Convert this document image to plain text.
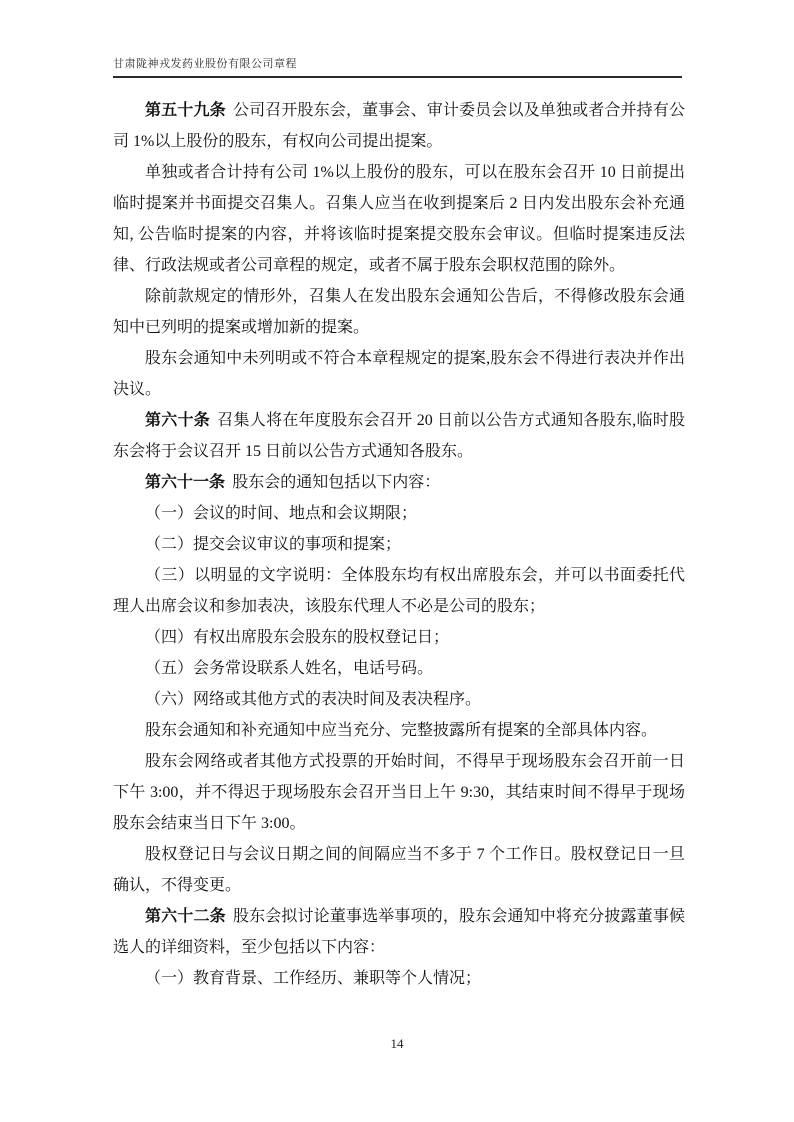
甘肃陇神戎发药业股份有限公司章程

第五十九条 公司召开股东会，董事会、审计委员会以及单独或者合并持有公司 1%以上股份的股东，有权向公司提出提案。

单独或者合计持有公司 1%以上股份的股东，可以在股东会召开 10 日前提出临时提案并书面提交召集人。召集人应当在收到提案后 2 日内发出股东会补充通知, 公告临时提案的内容，并将该临时提案提交股东会审议。但临时提案违反法律、行政法规或者公司章程的规定，或者不属于股东会职权范围的除外。

除前款规定的情形外，召集人在发出股东会通知公告后，不得修改股东会通知中已列明的提案或增加新的提案。

股东会通知中未列明或不符合本章程规定的提案,股东会不得进行表决并作出决议。

第六十条 召集人将在年度股东会召开 20 日前以公告方式通知各股东,临时股东会将于会议召开 15 日前以公告方式通知各股东。

第六十一条 股东会的通知包括以下内容：

（一）会议的时间、地点和会议期限；

（二）提交会议审议的事项和提案；

（三）以明显的文字说明：全体股东均有权出席股东会，并可以书面委托代理人出席会议和参加表决，该股东代理人不必是公司的股东；

（四）有权出席股东会股东的股权登记日；

（五）会务常设联系人姓名，电话号码。

（六）网络或其他方式的表决时间及表决程序。

股东会通知和补充通知中应当充分、完整披露所有提案的全部具体内容。

股东会网络或者其他方式投票的开始时间，不得早于现场股东会召开前一日下午 3:00，并不得迟于现场股东会召开当日上午 9:30，其结束时间不得早于现场股东会结束当日下午 3:00。

股权登记日与会议日期之间的间隔应当不多于 7 个工作日。股权登记日一旦确认，不得变更。

第六十二条 股东会拟讨论董事选举事项的，股东会通知中将充分披露董事候选人的详细资料，至少包括以下内容：

（一）教育背景、工作经历、兼职等个人情况；

14
